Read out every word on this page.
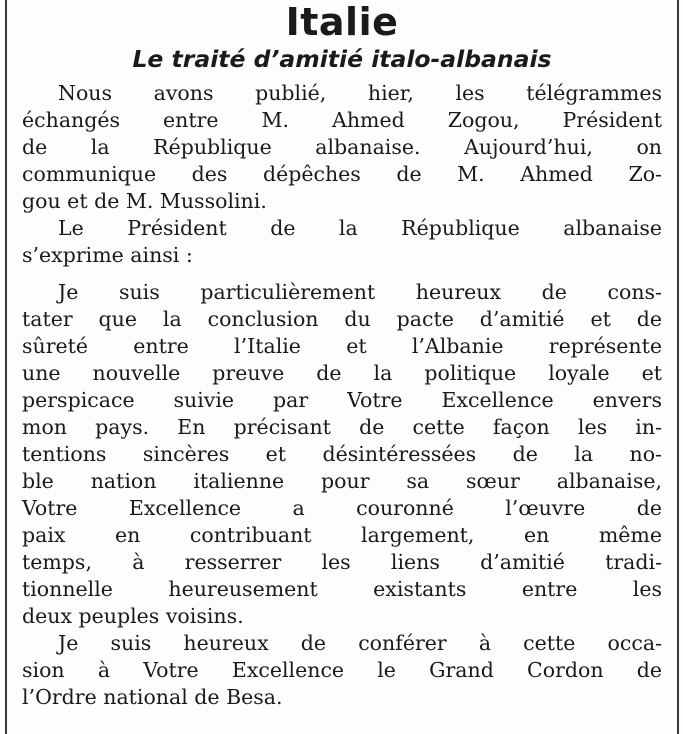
Italie
Le traité d’amitié italo-albanais

Nous avons publié, hier, les télégrammes
échangés entre M. Ahmed Zogou, Président
de la République albanaise. Aujourd’hui, on
communique des dépêches de M. Ahmed Zo-
gou et de M. Mussolini.

Le Président de la République albanaise
s’exprime ainsi :

Je suis particulièrement heureux de cons-
tater que la conclusion du pacte d’amitié et de
sûreté entre l’Italie et l’Albanie représente
une nouvelle preuve de la politique loyale et
perspicace suivie par Votre Excellence envers
mon pays. En précisant de cette façon les in-
tentions sincères et désintéressées de la no-
ble nation italienne pour sa sœur albanaise,
Votre Excellence a couronné l’œuvre de
paix en contribuant largement, en même
temps, à resserrer les liens d’amitié tradi-
tionnelle heureusement existants entre les
deux peuples voisins.

Je suis heureux de conférer à cette occa-
sion à Votre Excellence le Grand Cordon de
l’Ordre national de Besa.
